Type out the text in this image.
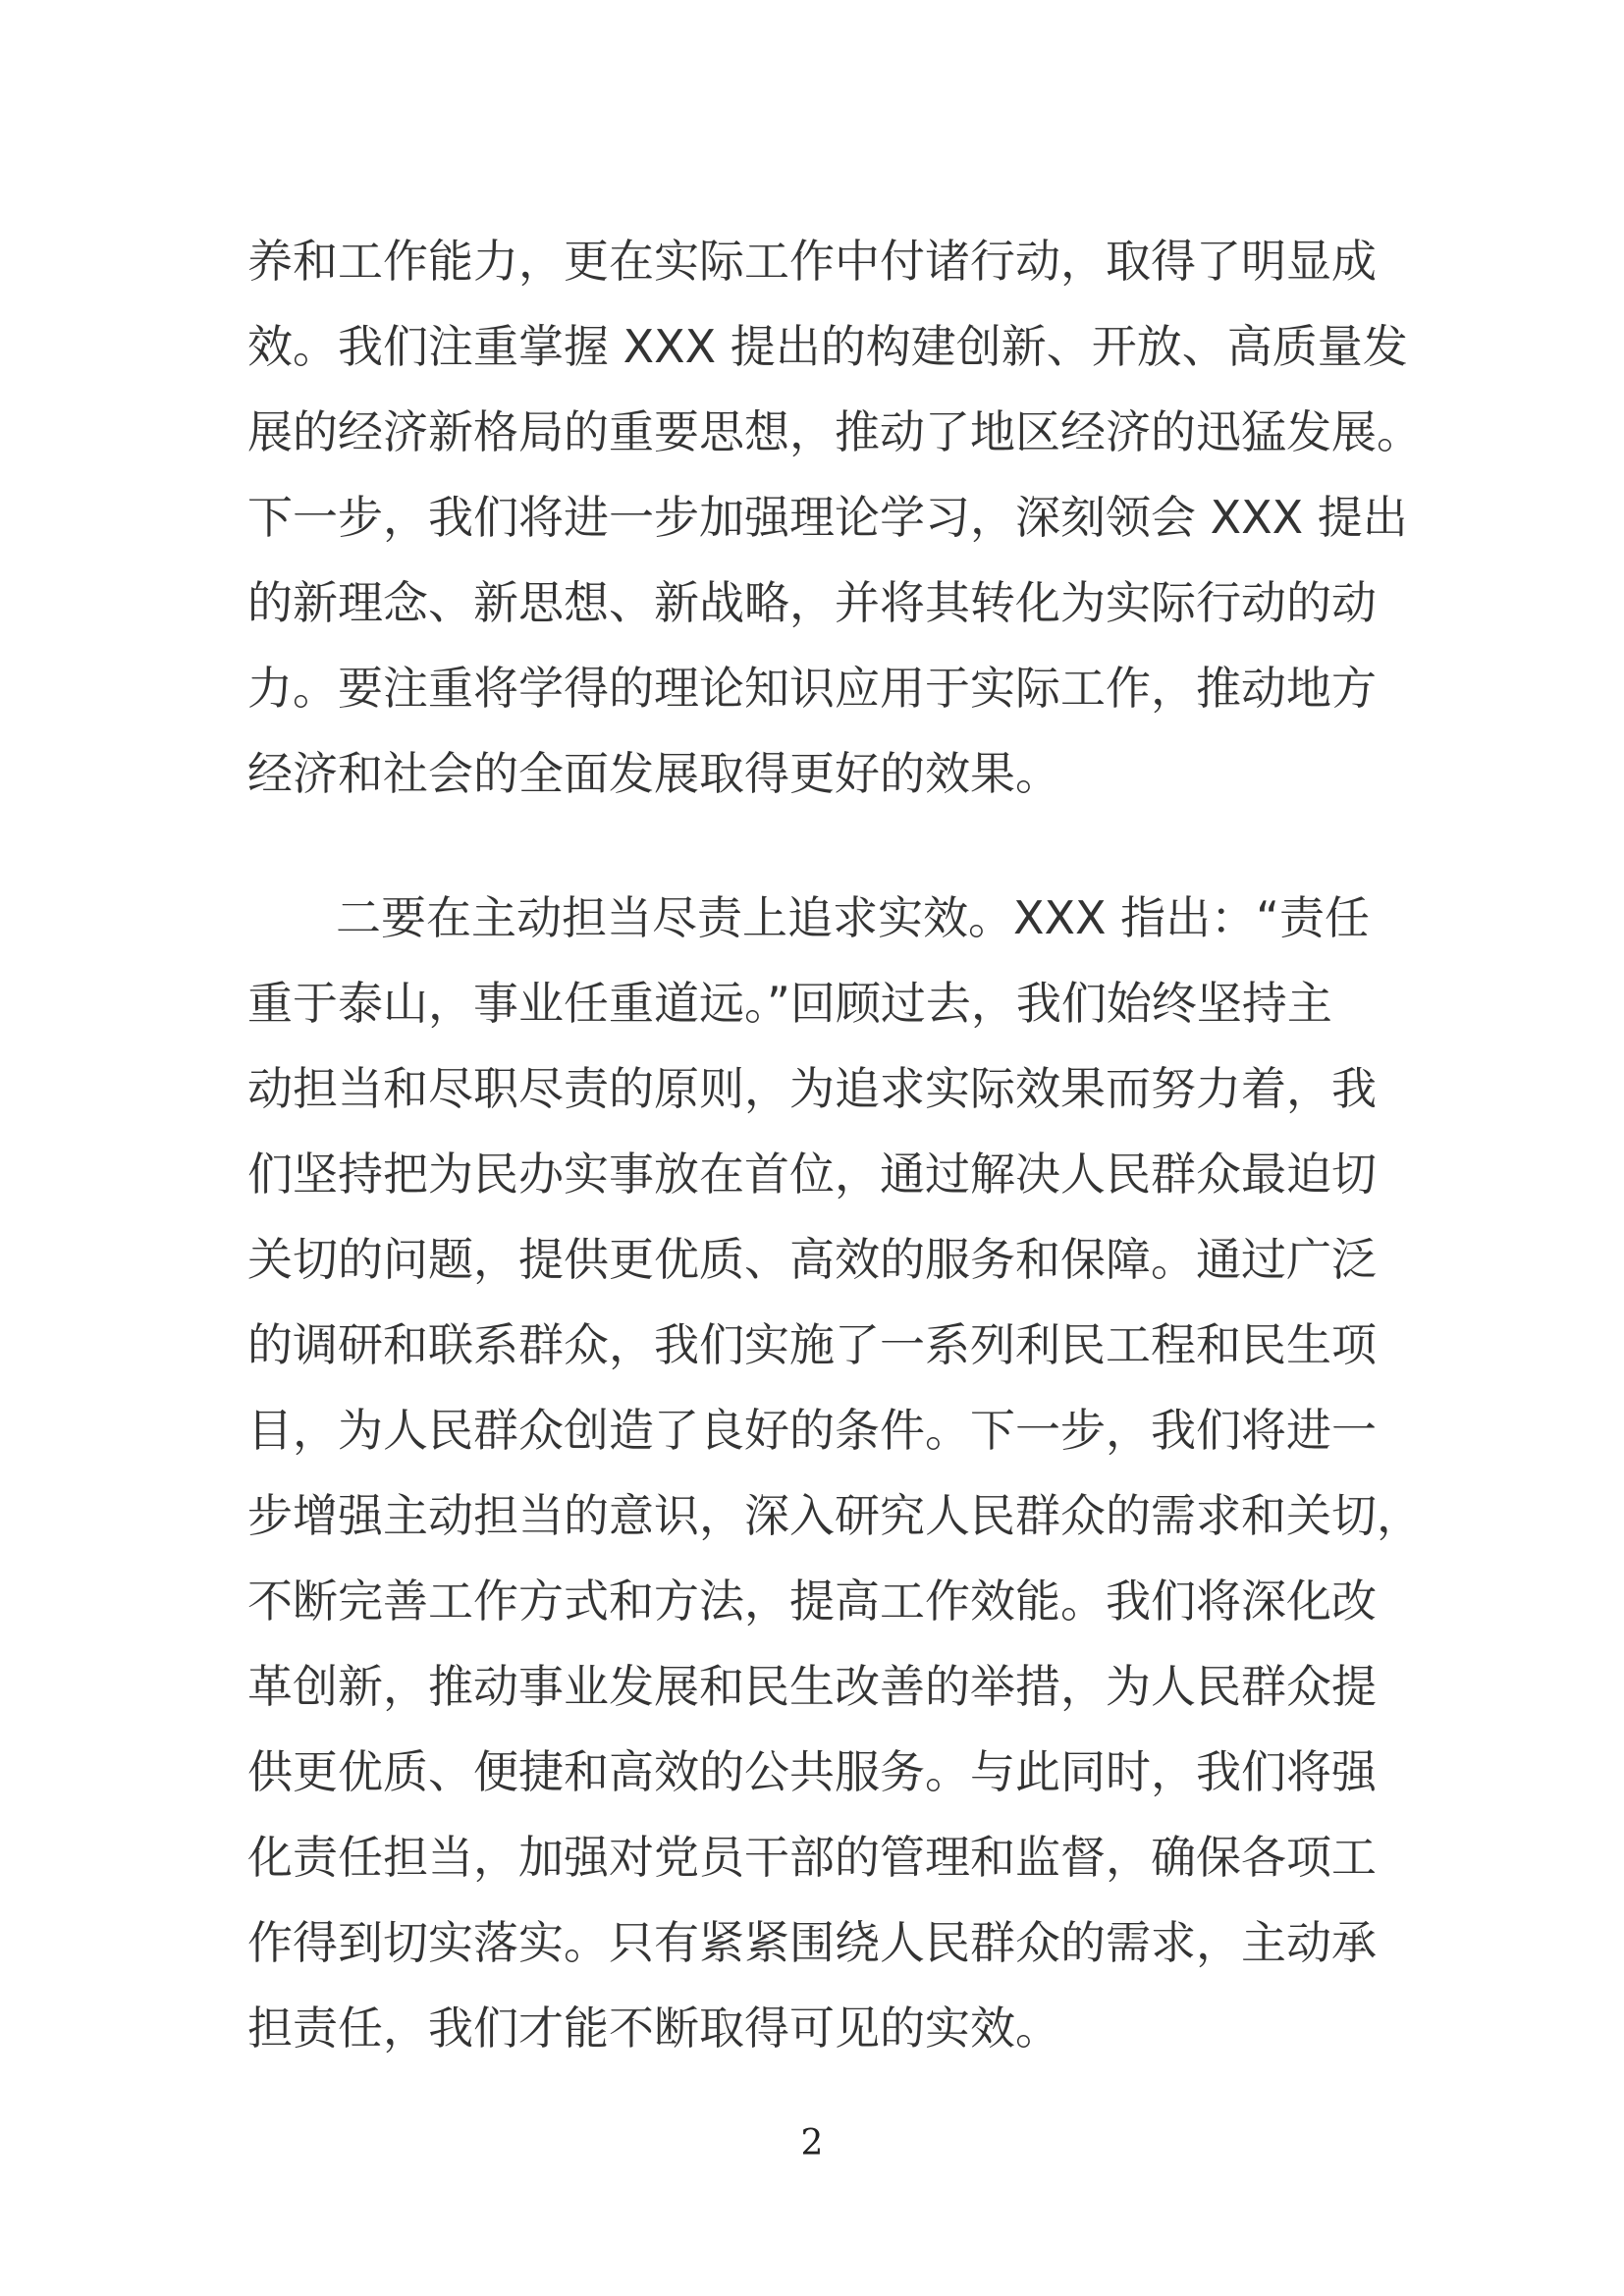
养和工作能力，更在实际工作中付诸行动，取得了明显成
效。我们注重掌握 XXX 提出的构建创新、开放、高质量发
展的经济新格局的重要思想，推动了地区经济的迅猛发展。
下一步，我们将进一步加强理论学习，深刻领会 XXX 提出
的新理念、新思想、新战略，并将其转化为实际行动的动
力。要注重将学得的理论知识应用于实际工作，推动地方
经济和社会的全面发展取得更好的效果。
二要在主动担当尽责上追求实效。XXX 指出：“责任
重于泰山，事业任重道远。”回顾过去，我们始终坚持主
动担当和尽职尽责的原则，为追求实际效果而努力着，我
们坚持把为民办实事放在首位，通过解决人民群众最迫切
关切的问题，提供更优质、高效的服务和保障。通过广泛
的调研和联系群众，我们实施了一系列利民工程和民生项
目，为人民群众创造了良好的条件。下一步，我们将进一
步增强主动担当的意识，深入研究人民群众的需求和关切，
不断完善工作方式和方法，提高工作效能。我们将深化改
革创新，推动事业发展和民生改善的举措，为人民群众提
供更优质、便捷和高效的公共服务。与此同时，我们将强
化责任担当，加强对党员干部的管理和监督，确保各项工
作得到切实落实。只有紧紧围绕人民群众的需求，主动承
担责任，我们才能不断取得可见的实效。
2
